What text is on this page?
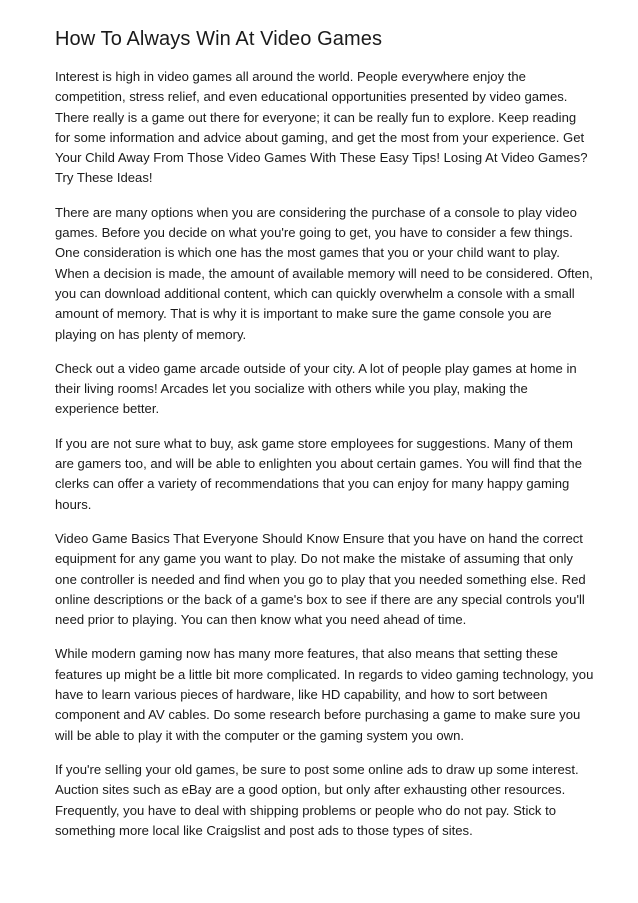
How To Always Win At Video Games

Interest is high in video games all around the world. People everywhere enjoy the competition, stress relief, and even educational opportunities presented by video games. There really is a game out there for everyone; it can be really fun to explore. Keep reading for some information and advice about gaming, and get the most from your experience. Get Your Child Away From Those Video Games With These Easy Tips! Losing At Video Games? Try These Ideas!

There are many options when you are considering the purchase of a console to play video games. Before you decide on what you're going to get, you have to consider a few things. One consideration is which one has the most games that you or your child want to play. When a decision is made, the amount of available memory will need to be considered. Often, you can download additional content, which can quickly overwhelm a console with a small amount of memory. That is why it is important to make sure the game console you are playing on has plenty of memory.

Check out a video game arcade outside of your city. A lot of people play games at home in their living rooms! Arcades let you socialize with others while you play, making the experience better.

If you are not sure what to buy, ask game store employees for suggestions. Many of them are gamers too, and will be able to enlighten you about certain games. You will find that the clerks can offer a variety of recommendations that you can enjoy for many happy gaming hours.

Video Game Basics That Everyone Should Know Ensure that you have on hand the correct equipment for any game you want to play. Do not make the mistake of assuming that only one controller is needed and find when you go to play that you needed something else. Red online descriptions or the back of a game's box to see if there are any special controls you'll need prior to playing. You can then know what you need ahead of time.

While modern gaming now has many more features, that also means that setting these features up might be a little bit more complicated. In regards to video gaming technology, you have to learn various pieces of hardware, like HD capability, and how to sort between component and AV cables. Do some research before purchasing a game to make sure you will be able to play it with the computer or the gaming system you own.

If you're selling your old games, be sure to post some online ads to draw up some interest. Auction sites such as eBay are a good option, but only after exhausting other resources. Frequently, you have to deal with shipping problems or people who do not pay. Stick to something more local like Craigslist and post ads to those types of sites.
